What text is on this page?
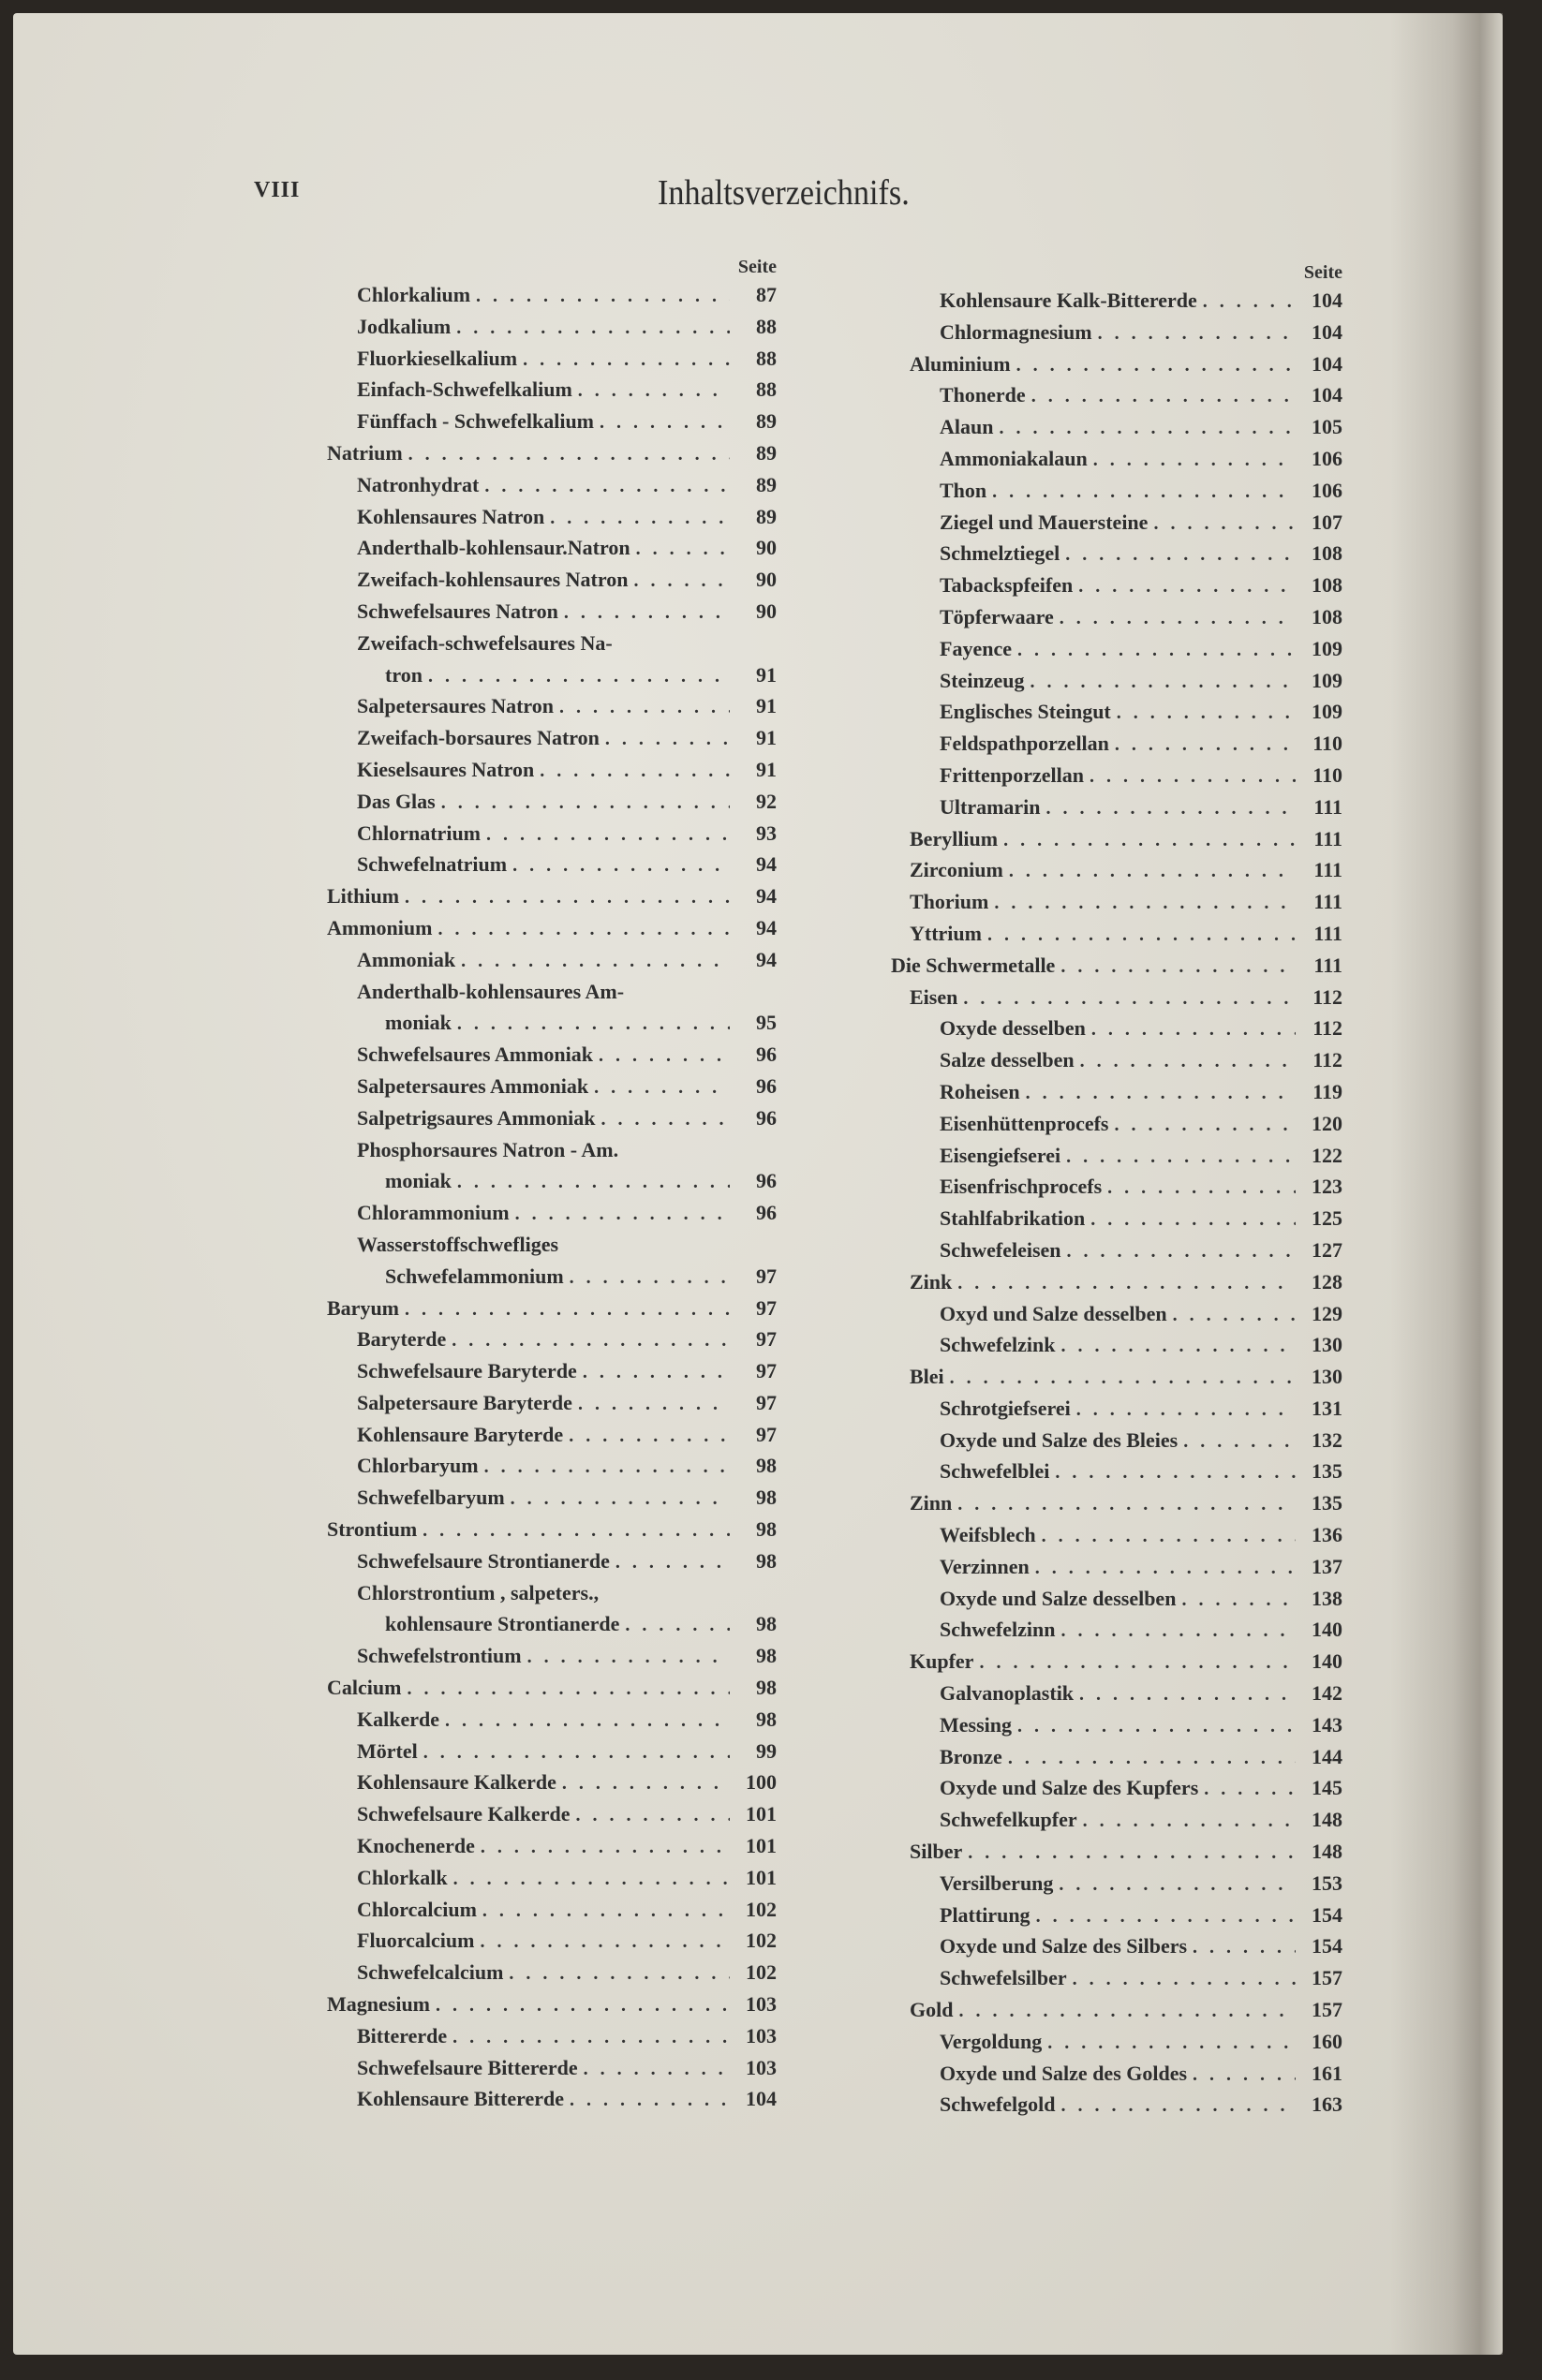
VIII	Inhaltsverzeichnifs.
Seite
Chlorkalium . . .	87
Jodkalium . . .	88
Fluorkieselkalium . . .	88
Einfach-Schwefelkalium . . .	88
Fünffach - Schwefelkalium . . .	89
Natrium . . .	89
Natronhydrat . . .	89
Kohlensaures Natron . . .	89
Anderthalb-kohlensaur.Natron . . .	90
Zweifach-kohlensaures Natron . . .	90
Schwefelsaures Natron . . .	90
Zweifach-schwefelsaures Na-
tron . . .	91
Salpetersaures Natron . . .	91
Zweifach-borsaures Natron . . .	91
Kieselsaures Natron . . .	91
Das Glas . . .	92
Chlornatrium . . .	93
Schwefelnatrium . . .	94
Lithium . . .	94
Ammonium . . .	94
Ammoniak . . .	94
Anderthalb-kohlensaures Am-
moniak . . .	95
Schwefelsaures Ammoniak . . .	96
Salpetersaures Ammoniak . . .	96
Salpetrigsaures Ammoniak . . .	96
Phosphorsaures Natron - Am.
moniak . . .	96
Chlorammonium . . .	96
Wasserstoffschwefliges
Schwefelammonium . . .	97
Baryum . . .	97
Baryterde . . .	97
Schwefelsaure Baryterde . . .	97
Salpetersaure Baryterde . . .	97
Kohlensaure Baryterde . . .	97
Chlorbaryum . . .	98
Schwefelbaryum . . .	98
Strontium . . .	98
Schwefelsaure Strontianerde . . .	98
Chlorstrontium , salpeters.,
kohlensaure Strontianerde . . .	98
Schwefelstrontium . . .	98
Calcium . . .	98
Kalkerde . . .	98
Mörtel . . .	99
Kohlensaure Kalkerde . . .	100
Schwefelsaure Kalkerde . . .	101
Knochenerde . . .	101
Chlorkalk . . .	101
Chlorcalcium . . .	102
Fluorcalcium . . .	102
Schwefelcalcium . . .	102
Magnesium . . .	103
Bittererde . . .	103
Schwefelsaure Bittererde . . .	103
Kohlensaure Bittererde . . .	104
Seite
Kohlensaure Kalk-Bittererde . . .	104
Chlormagnesium . . .	104
Aluminium . . .	104
Thonerde . . .	104
Alaun . . .	105
Ammoniakalaun . . .	106
Thon . . .	106
Ziegel und Mauersteine . . .	107
Schmelztiegel . . .	108
Tabackspfeifen . . .	108
Töpferwaare . . .	108
Fayence . . .	109
Steinzeug . . .	109
Englisches Steingut . . .	109
Feldspathporzellan . . .	110
Frittenporzellan . . .	110
Ultramarin . . .	111
Beryllium . . .	111
Zirconium . . .	111
Thorium . . .	111
Yttrium . . .	111
Die Schwermetalle . . .	111
Eisen . . .	112
Oxyde desselben . . .	112
Salze desselben . . .	112
Roheisen . . .	119
Eisenhüttenprocefs . . .	120
Eisengiefserei . . .	122
Eisenfrischprocefs . . .	123
Stahlfabrikation . . .	125
Schwefeleisen . . .	127
Zink . . .	128
Oxyd und Salze desselben . . .	129
Schwefelzink . . .	130
Blei . . .	130
Schrotgiefserei . . .	131
Oxyde und Salze des Bleies . . .	132
Schwefelblei . . .	135
Zinn . . .	135
Weifsblech . . .	136
Verzinnen . . .	137
Oxyde und Salze desselben . . .	138
Schwefelzinn . . .	140
Kupfer . . .	140
Galvanoplastik . . .	142
Messing . . .	143
Bronze . . .	144
Oxyde und Salze des Kupfers . . .	145
Schwefelkupfer . . .	148
Silber . . .	148
Versilberung . . .	153
Plattirung . . .	154
Oxyde und Salze des Silbers . . .	154
Schwefelsilber . . .	157
Gold . . .	157
Vergoldung . . .	160
Oxyde und Salze des Goldes . . .	161
Schwefelgold . . .	163
